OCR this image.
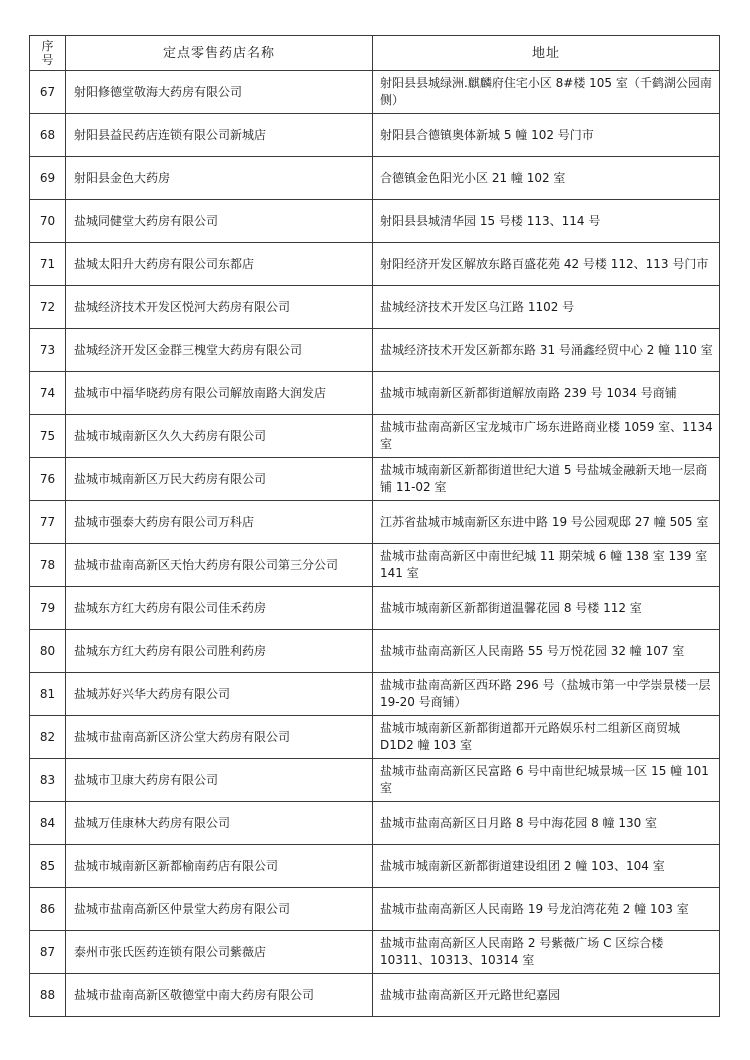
序号	定点零售药店名称	地址
67	射阳修德堂敬海大药房有限公司	射阳县县城绿洲.麒麟府住宅小区 8#楼 105 室（千鹤湖公园南侧）
68	射阳县益民药店连锁有限公司新城店	射阳县合德镇奥体新城 5 幢 102 号门市
69	射阳县金色大药房	合德镇金色阳光小区 21 幢 102 室
70	盐城同健堂大药房有限公司	射阳县县城清华园 15 号楼 113、114 号
71	盐城太阳升大药房有限公司东都店	射阳经济开发区解放东路百盛花苑 42 号楼 112、113 号门市
72	盐城经济技术开发区悦河大药房有限公司	盐城经济技术开发区乌江路 1102 号
73	盐城经济开发区金群三槐堂大药房有限公司	盐城经济技术开发区新都东路 31 号涌鑫经贸中心 2 幢 110 室
74	盐城市中福华晓药房有限公司解放南路大润发店	盐城市城南新区新都街道解放南路 239 号 1034 号商铺
75	盐城市城南新区久久大药房有限公司	盐城市盐南高新区宝龙城市广场东进路商业楼 1059 室、1134 室
76	盐城市城南新区万民大药房有限公司	盐城市城南新区新都街道世纪大道 5 号盐城金融新天地一层商铺 11-02 室
77	盐城市强泰大药房有限公司万科店	江苏省盐城市城南新区东进中路 19 号公园观邸 27 幢 505 室
78	盐城市盐南高新区天怡大药房有限公司第三分公司	盐城市盐南高新区中南世纪城 11 期荣城 6 幢 138 室 139 室 141 室
79	盐城东方红大药房有限公司佳禾药房	盐城市城南新区新都街道温馨花园 8 号楼 112 室
80	盐城东方红大药房有限公司胜利药房	盐城市盐南高新区人民南路 55 号万悦花园 32 幢 107 室
81	盐城苏好兴华大药房有限公司	盐城市盐南高新区西环路 296 号（盐城市第一中学崇景楼一层 19-20 号商铺）
82	盐城市盐南高新区济公堂大药房有限公司	盐城市城南新区新都街道都开元路娱乐村二组新区商贸城 D1D2 幢 103 室
83	盐城市卫康大药房有限公司	盐城市盐南高新区民富路 6 号中南世纪城景城一区 15 幢 101 室
84	盐城万佳康林大药房有限公司	盐城市盐南高新区日月路 8 号中海花园 8 幢 130 室
85	盐城市城南新区新都榆南药店有限公司	盐城市城南新区新都街道建设组团 2 幢 103、104 室
86	盐城市盐南高新区仲景堂大药房有限公司	盐城市盐南高新区人民南路 19 号龙泊湾花苑 2 幢 103 室
87	泰州市张氏医药连锁有限公司紫薇店	盐城市盐南高新区人民南路 2 号紫薇广场 C 区综合楼 10311、10313、10314 室
88	盐城市盐南高新区敬德堂中南大药房有限公司	盐城市盐南高新区开元路世纪嘉园
